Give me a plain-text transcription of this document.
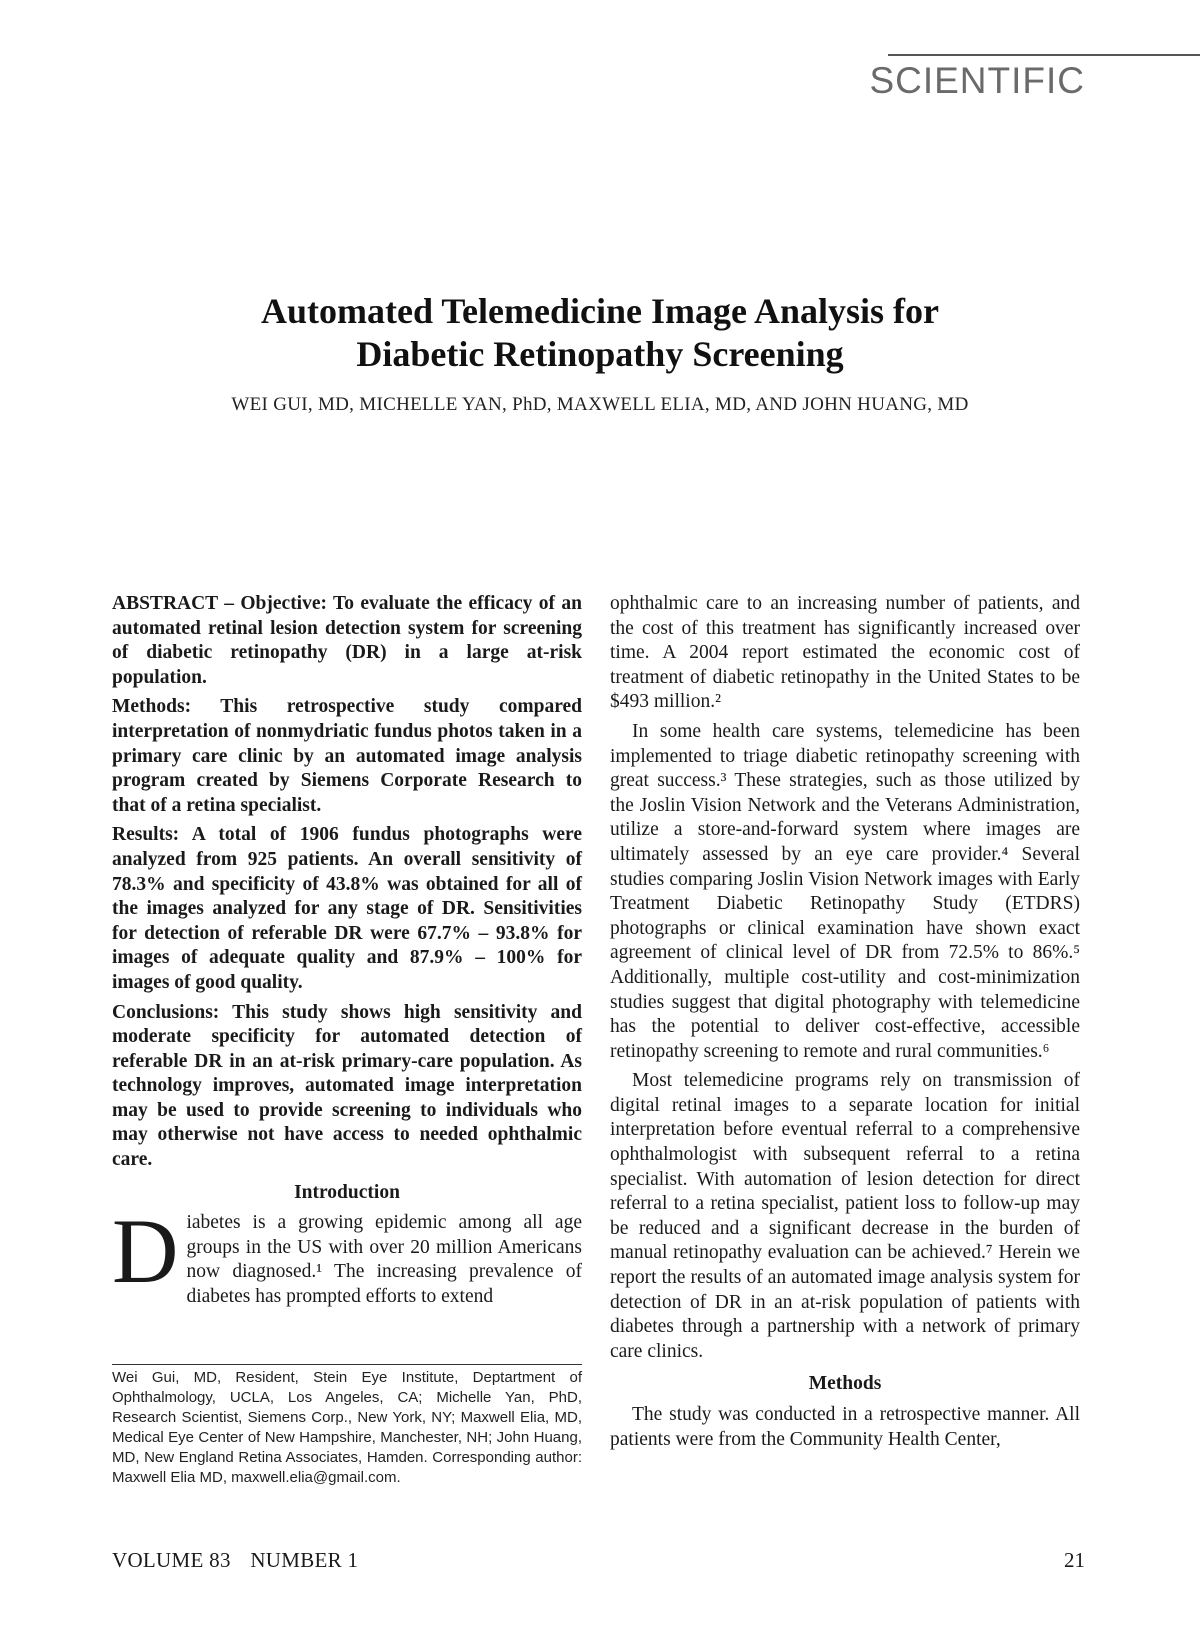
SCIENTIFIC
Automated Telemedicine Image Analysis for
Diabetic Retinopathy Screening
WEI GUI, MD, MICHELLE YAN, PhD, MAXWELL ELIA, MD, AND JOHN HUANG, MD

ABSTRACT – Objective: To evaluate the efficacy of an automated retinal lesion detection system for screening of diabetic retinopathy (DR) in a large at-risk population.

Methods: This retrospective study compared interpretation of nonmydriatic fundus photos taken in a primary care clinic by an automated image analysis program created by Siemens Corporate Research to that of a retina specialist.

Results: A total of 1906 fundus photographs were analyzed from 925 patients. An overall sensitivity of 78.3% and specificity of 43.8% was obtained for all of the images analyzed for any stage of DR. Sensitivities for detection of referable DR were 67.7% – 93.8% for images of adequate quality and 87.9% – 100% for images of good quality.

Conclusions: This study shows high sensitivity and moderate specificity for automated detection of referable DR in an at-risk primary-care population. As technology improves, automated image interpretation may be used to provide screening to individuals who may otherwise not have access to needed ophthalmic care.

Introduction

Diabetes is a growing epidemic among all age groups in the US with over 20 million Americans now diagnosed.¹ The increasing prevalence of diabetes has prompted efforts to extend

Wei Gui, MD, Resident, Stein Eye Institute, Deptartment of Ophthalmology, UCLA, Los Angeles, CA; Michelle Yan, PhD, Research Scientist, Siemens Corp., New York, NY; Maxwell Elia, MD, Medical Eye Center of New Hampshire, Manchester, NH; John Huang, MD, New England Retina Associates, Hamden. Corresponding author: Maxwell Elia MD, maxwell.elia@gmail.com.

ophthalmic care to an increasing number of patients, and the cost of this treatment has significantly increased over time. A 2004 report estimated the economic cost of treatment of diabetic retinopathy in the United States to be $493 million.²

In some health care systems, telemedicine has been implemented to triage diabetic retinopathy screening with great success.³ These strategies, such as those utilized by the Joslin Vision Network and the Veterans Administration, utilize a store-and-forward system where images are ultimately assessed by an eye care provider.⁴ Several studies comparing Joslin Vision Network images with Early Treatment Diabetic Retinopathy Study (ETDRS) photographs or clinical examination have shown exact agreement of clinical level of DR from 72.5% to 86%.⁵ Additionally, multiple cost-utility and cost-minimization studies suggest that digital photography with telemedicine has the potential to deliver cost-effective, accessible retinopathy screening to remote and rural communities.⁶

Most telemedicine programs rely on transmission of digital retinal images to a separate location for initial interpretation before eventual referral to a comprehensive ophthalmologist with subsequent referral to a retina specialist. With automation of lesion detection for direct referral to a retina specialist, patient loss to follow-up may be reduced and a significant decrease in the burden of manual retinopathy evaluation can be achieved.⁷ Herein we report the results of an automated image analysis system for detection of DR in an at-risk population of patients with diabetes through a partnership with a network of primary care clinics.

Methods

The study was conducted in a retrospective manner. All patients were from the Community Health Center,

VOLUME 83 NUMBER 1	21
